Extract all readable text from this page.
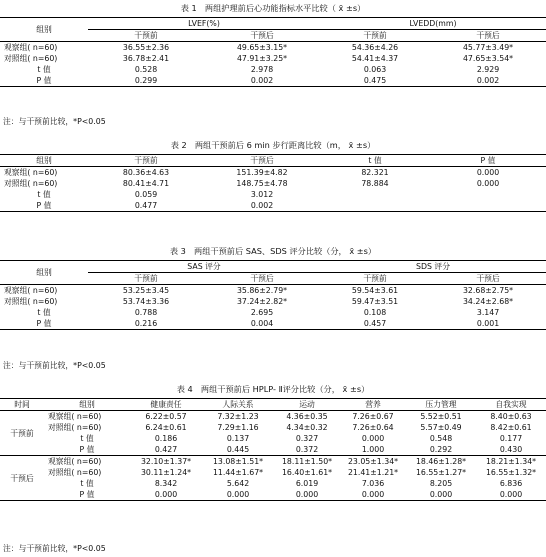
表 1　两组护理前后心功能指标水平比较（ x̄ ±s）
组别	LVEF(%)		LVEDD(mm)	
	干预前	干预后	干预前	干预后
观察组( n=60)	36.55±2.36	49.65±3.15*	54.36±4.26	45.77±3.49*
对照组( n=60)	36.78±2.41	47.91±3.25*	54.41±4.37	47.65±3.54*
t 值	0.528	2.978	0.063	2.929
P 值	0.299	0.002	0.475	0.002
注：与干预前比较，*P<0.05
表 2　两组干预前后 6 min 步行距离比较（m， x̄ ±s）
组别	干预前	干预后	t 值	P 值
观察组( n=60)	80.36±4.63	151.39±4.82	82.321	0.000
对照组( n=60)	80.41±4.71	148.75±4.78	78.884	0.000
t 值	0.059	3.012		
P 值	0.477	0.002		
表 3　两组干预前后 SAS、SDS 评分比较（分， x̄ ±s）
组别	SAS 评分		SDS 评分	
	干预前	干预后	干预前	干预后
观察组( n=60)	53.25±3.45	35.86±2.79*	59.54±3.61	32.68±2.75*
对照组( n=60)	53.74±3.36	37.24±2.82*	59.47±3.51	34.24±2.68*
t 值	0.788	2.695	0.108	3.147
P 值	0.216	0.004	0.457	0.001
注：与干预前比较，*P<0.05
表 4　两组干预前后 HPLP- Ⅱ评分比较（分， x̄ ±s）
时间	组别	健康责任	人际关系	运动	营养	压力管理	自我实现
干预前	观察组( n=60)	6.22±0.57	7.32±1.23	4.36±0.35	7.26±0.67	5.52±0.51	8.40±0.63
	对照组( n=60)	6.24±0.61	7.29±1.16	4.34±0.32	7.26±0.64	5.57±0.49	8.42±0.61
	t 值	0.186	0.137	0.327	0.000	0.548	0.177
	P 值	0.427	0.445	0.372	1.000	0.292	0.430
干预后	观察组( n=60)	32.10±1.37*	13.08±1.51*	18.11±1.50*	23.05±1.34*	18.46±1.28*	18.21±1.34*
	对照组( n=60)	30.11±1.24*	11.44±1.67*	16.40±1.61*	21.41±1.21*	16.55±1.27*	16.55±1.32*
	t 值	8.342	5.642	6.019	7.036	8.205	6.836
	P 值	0.000	0.000	0.000	0.000	0.000	0.000
注：与干预前比较，*P<0.05
